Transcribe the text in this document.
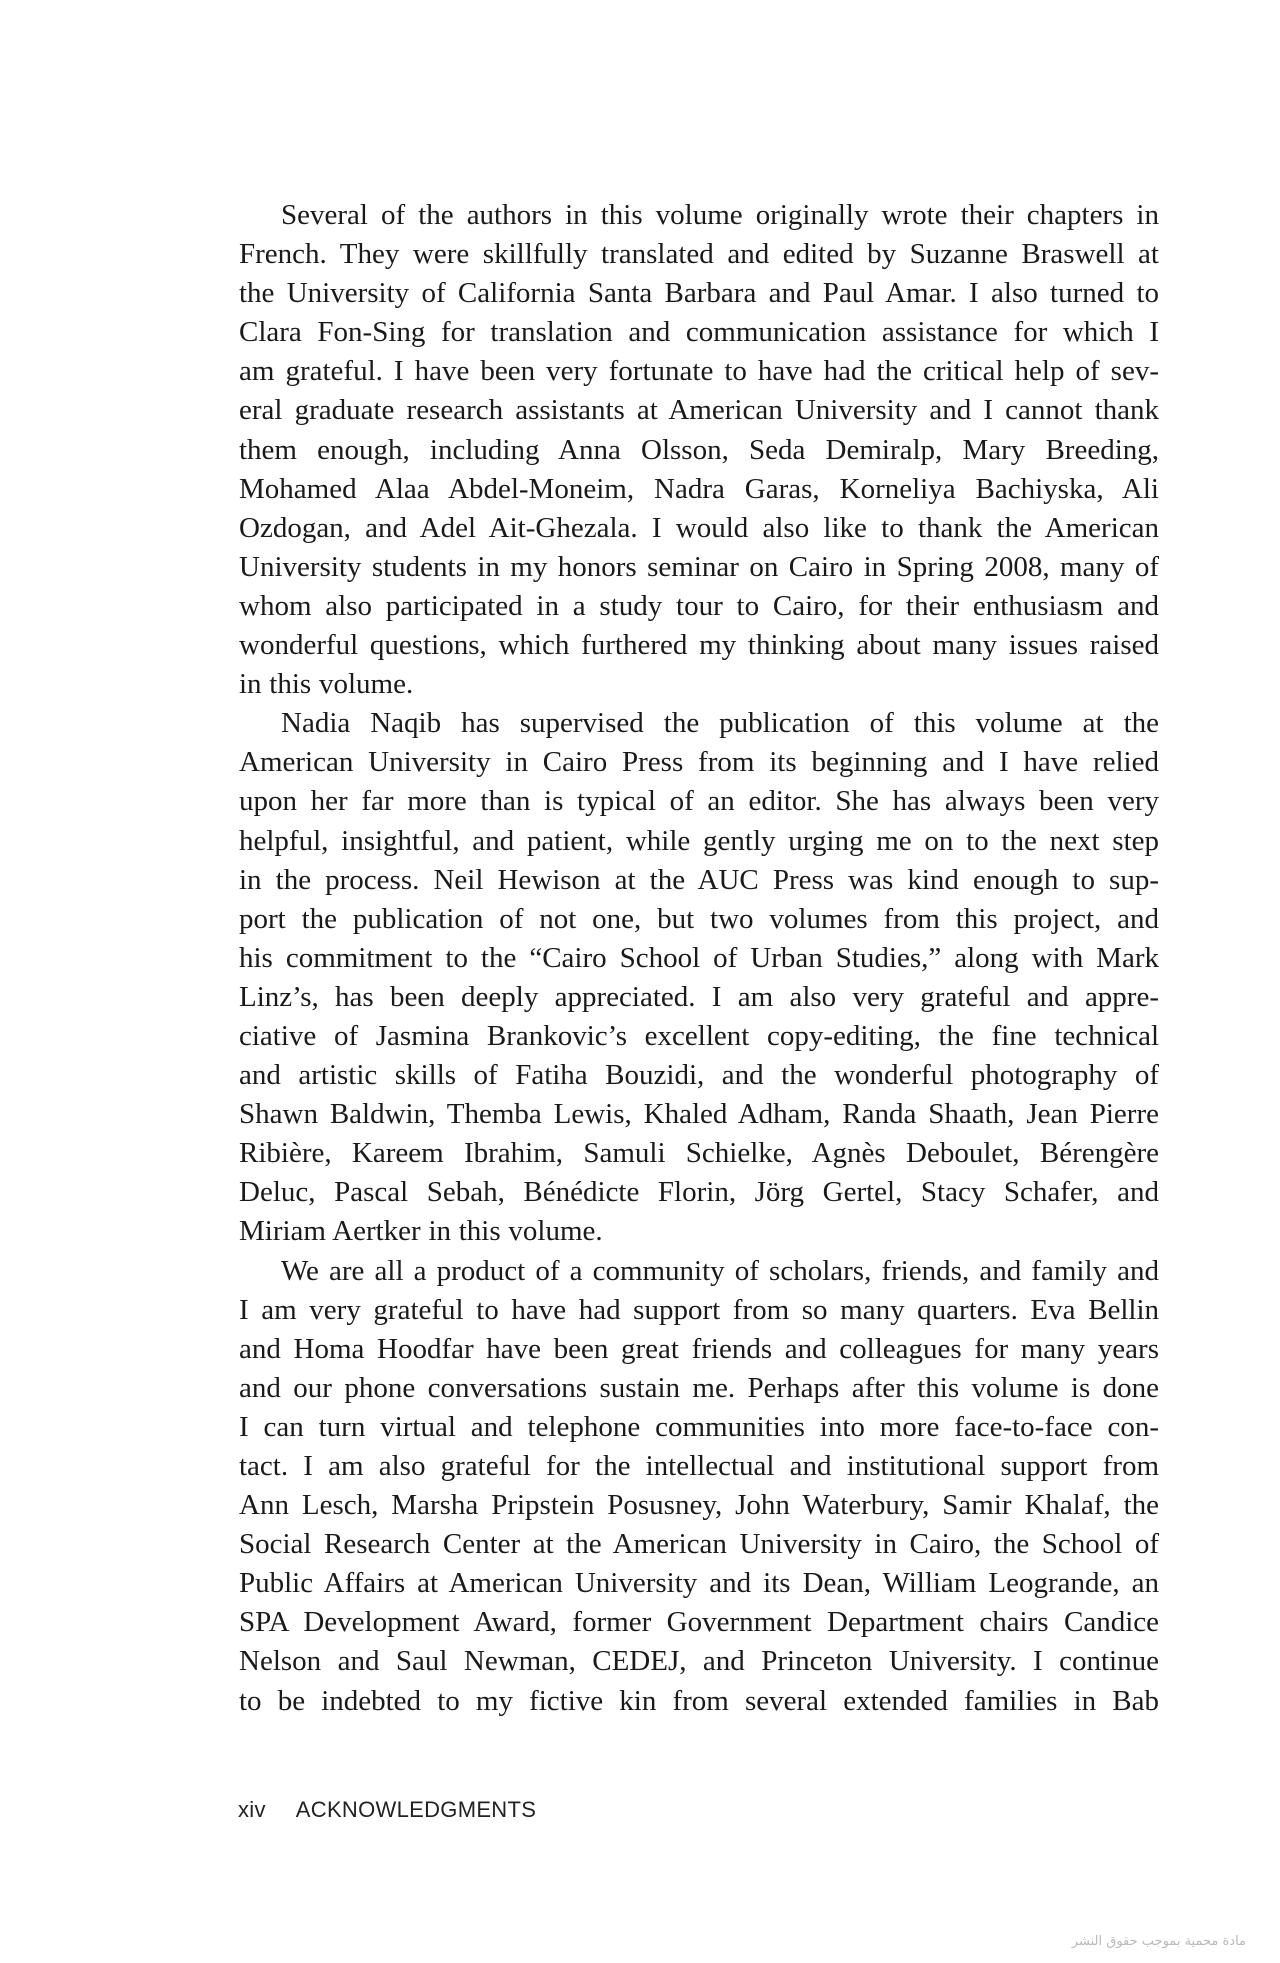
Several of the authors in this volume originally wrote their chapters in
French. They were skillfully translated and edited by Suzanne Braswell at
the University of California Santa Barbara and Paul Amar. I also turned to
Clara Fon-Sing for translation and communication assistance for which I
am grateful. I have been very fortunate to have had the critical help of sev-
eral graduate research assistants at American University and I cannot thank
them enough, including Anna Olsson, Seda Demiralp, Mary Breeding,
Mohamed Alaa Abdel-Moneim, Nadra Garas, Korneliya Bachiyska, Ali
Ozdogan, and Adel Ait-Ghezala. I would also like to thank the American
University students in my honors seminar on Cairo in Spring 2008, many of
whom also participated in a study tour to Cairo, for their enthusiasm and
wonderful questions, which furthered my thinking about many issues raised
in this volume.
Nadia Naqib has supervised the publication of this volume at the
American University in Cairo Press from its beginning and I have relied
upon her far more than is typical of an editor. She has always been very
helpful, insightful, and patient, while gently urging me on to the next step
in the process. Neil Hewison at the AUC Press was kind enough to sup-
port the publication of not one, but two volumes from this project, and
his commitment to the “Cairo School of Urban Studies,” along with Mark
Linz’s, has been deeply appreciated. I am also very grateful and appre-
ciative of Jasmina Brankovic’s excellent copy-editing, the fine technical
and artistic skills of Fatiha Bouzidi, and the wonderful photography of
Shawn Baldwin, Themba Lewis, Khaled Adham, Randa Shaath, Jean Pierre
Ribière, Kareem Ibrahim, Samuli Schielke, Agnès Deboulet, Bérengère
Deluc, Pascal Sebah, Bénédicte Florin, Jörg Gertel, Stacy Schafer, and
Miriam Aertker in this volume.
We are all a product of a community of scholars, friends, and family and
I am very grateful to have had support from so many quarters. Eva Bellin
and Homa Hoodfar have been great friends and colleagues for many years
and our phone conversations sustain me. Perhaps after this volume is done
I can turn virtual and telephone communities into more face-to-face con-
tact. I am also grateful for the intellectual and institutional support from
Ann Lesch, Marsha Pripstein Posusney, John Waterbury, Samir Khalaf, the
Social Research Center at the American University in Cairo, the School of
Public Affairs at American University and its Dean, William Leogrande, an
SPA Development Award, former Government Department chairs Candice
Nelson and Saul Newman, CEDEJ, and Princeton University. I continue
to be indebted to my fictive kin from several extended families in Bab
xiv ACKNOWLEDGMENTS
مادة محمية بموجب حقوق النشر
